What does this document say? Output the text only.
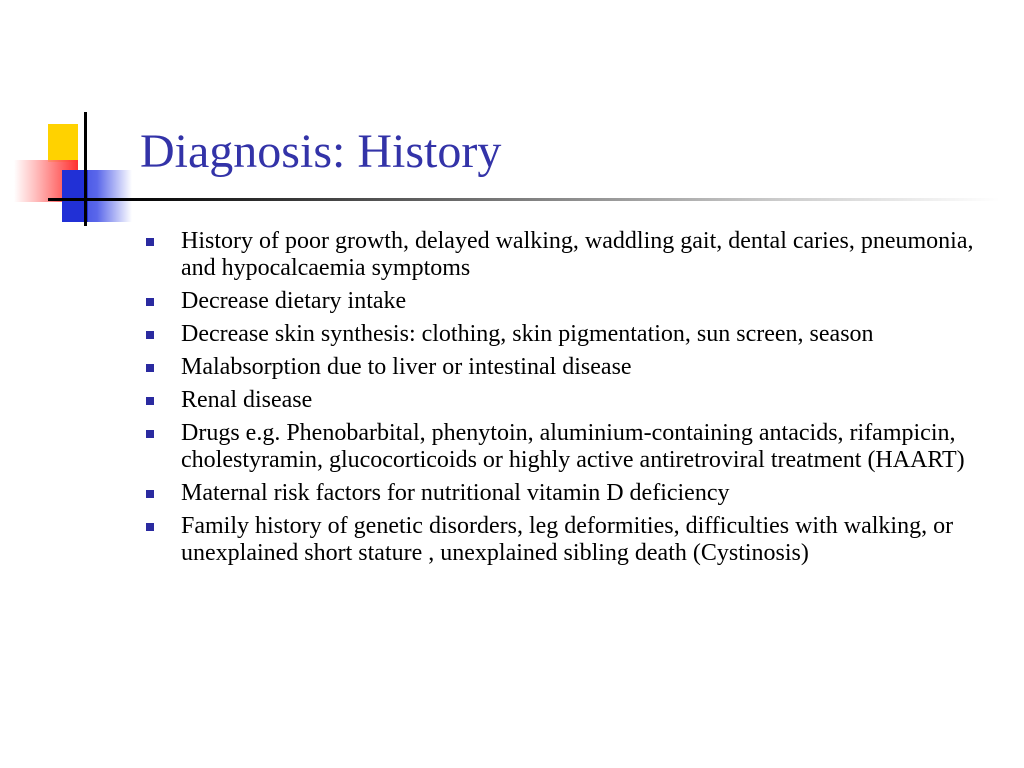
Diagnosis: History
History of poor growth, delayed walking, waddling gait, dental caries, pneumonia, and hypocalcaemia symptoms
Decrease dietary intake
Decrease skin synthesis: clothing, skin pigmentation, sun screen, season
Malabsorption due to liver or intestinal disease
Renal disease
Drugs e.g. Phenobarbital, phenytoin, aluminium-containing antacids, rifampicin, cholestyramin, glucocorticoids or highly active antiretroviral treatment (HAART)
Maternal risk factors for nutritional vitamin D deficiency
Family history of genetic disorders, leg deformities, difficulties with walking, or unexplained short stature , unexplained sibling death (Cystinosis)
